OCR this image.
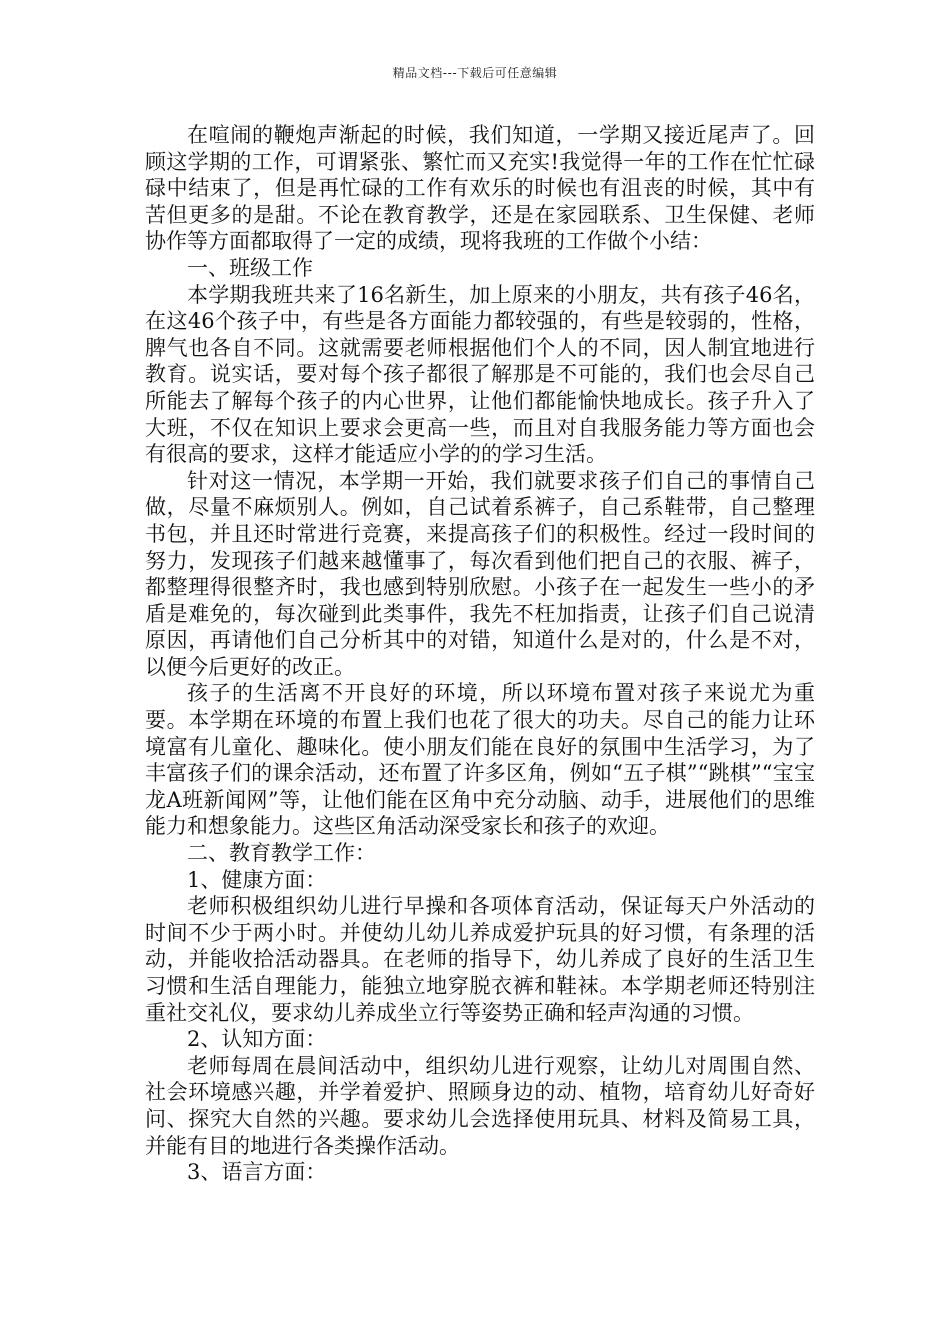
精品文档---下载后可任意编辑

在喧闹的鞭炮声渐起的时候，我们知道，一学期又接近尾声了。回顾这学期的工作，可谓紧张、繁忙而又充实!我觉得一年的工作在忙忙碌碌中结束了，但是再忙碌的工作有欢乐的时候也有沮丧的时候，其中有苦但更多的是甜。不论在教育教学，还是在家园联系、卫生保健、老师协作等方面都取得了一定的成绩，现将我班的工作做个小结：

一、班级工作

本学期我班共来了16名新生，加上原来的小朋友，共有孩子46名，在这46个孩子中，有些是各方面能力都较强的，有些是较弱的，性格，脾气也各自不同。这就需要老师根据他们个人的不同，因人制宜地进行教育。说实话，要对每个孩子都很了解那是不可能的，我们也会尽自己所能去了解每个孩子的内心世界，让他们都能愉快地成长。孩子升入了大班，不仅在知识上要求会更高一些，而且对自我服务能力等方面也会有很高的要求，这样才能适应小学的的学习生活。

针对这一情况，本学期一开始，我们就要求孩子们自己的事情自己做，尽量不麻烦别人。例如，自己试着系裤子，自己系鞋带，自己整理书包，并且还时常进行竞赛，来提高孩子们的积极性。经过一段时间的努力，发现孩子们越来越懂事了，每次看到他们把自己的衣服、裤子，都整理得很整齐时，我也感到特别欣慰。小孩子在一起发生一些小的矛盾是难免的，每次碰到此类事件，我先不枉加指责，让孩子们自己说清原因，再请他们自己分析其中的对错，知道什么是对的，什么是不对，以便今后更好的改正。

孩子的生活离不开良好的环境，所以环境布置对孩子来说尤为重要。本学期在环境的布置上我们也花了很大的功夫。尽自己的能力让环境富有儿童化、趣味化。使小朋友们能在良好的氛围中生活学习，为了丰富孩子们的课余活动，还布置了许多区角，例如“五子棋”“跳棋”“宝宝龙A班新闻网”等，让他们能在区角中充分动脑、动手，进展他们的思维能力和想象能力。这些区角活动深受家长和孩子的欢迎。

二、教育教学工作：

1、健康方面：

老师积极组织幼儿进行早操和各项体育活动，保证每天户外活动的时间不少于两小时。并使幼儿幼儿养成爱护玩具的好习惯，有条理的活动，并能收拾活动器具。在老师的指导下，幼儿养成了良好的生活卫生习惯和生活自理能力，能独立地穿脱衣裤和鞋袜。本学期老师还特别注重社交礼仪，要求幼儿养成坐立行等姿势正确和轻声沟通的习惯。

2、认知方面：

老师每周在晨间活动中，组织幼儿进行观察，让幼儿对周围自然、社会环境感兴趣，并学着爱护、照顾身边的动、植物，培育幼儿好奇好问、探究大自然的兴趣。要求幼儿会选择使用玩具、材料及简易工具，并能有目的地进行各类操作活动。

3、语言方面：
